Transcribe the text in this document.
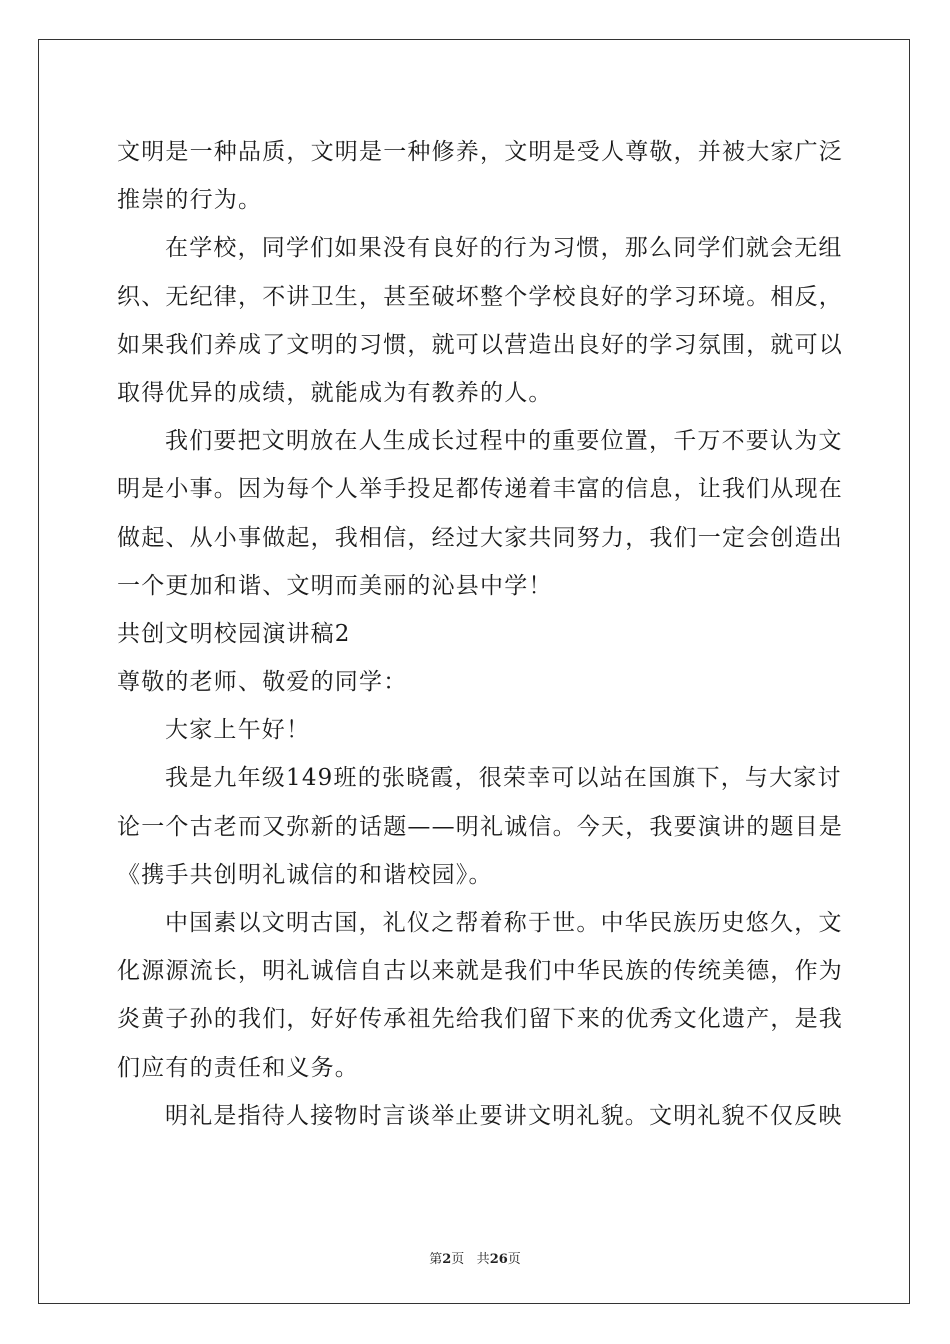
文明是一种品质，文明是一种修养，文明是受人尊敬，并被大家广泛
推崇的行为。
在学校，同学们如果没有良好的行为习惯，那么同学们就会无组
织、无纪律，不讲卫生，甚至破坏整个学校良好的学习环境。相反，
如果我们养成了文明的习惯，就可以营造出良好的学习氛围，就可以
取得优异的成绩，就能成为有教养的人。
我们要把文明放在人生成长过程中的重要位置，千万不要认为文
明是小事。因为每个人举手投足都传递着丰富的信息，让我们从现在
做起、从小事做起，我相信，经过大家共同努力，我们一定会创造出
一个更加和谐、文明而美丽的沁县中学！
共创文明校园演讲稿2
尊敬的老师、敬爱的同学：
大家上午好！
我是九年级149班的张晓霞，很荣幸可以站在国旗下，与大家讨
论一个古老而又弥新的话题——明礼诚信。今天，我要演讲的题目是
《携手共创明礼诚信的和谐校园》。
中国素以文明古国，礼仪之帮着称于世。中华民族历史悠久，文
化源源流长，明礼诚信自古以来就是我们中华民族的传统美德，作为
炎黄子孙的我们，好好传承祖先给我们留下来的优秀文化遗产，是我
们应有的责任和义务。
明礼是指待人接物时言谈举止要讲文明礼貌。文明礼貌不仅反映
第2页 共26页
